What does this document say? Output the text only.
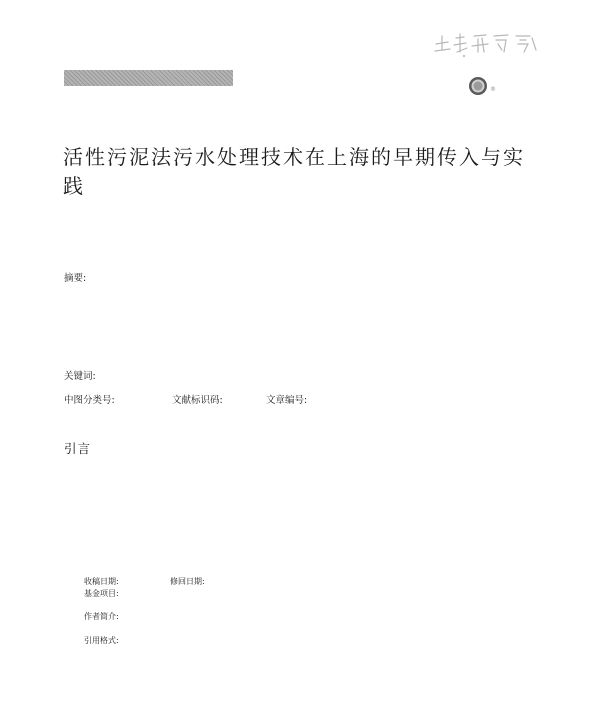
®
活性污泥法污水处理技术在上海的早期传入与实践
摘要:
关键词:
中图分类号:	文献标识码:	文章编号:
引言
收稿日期:	修回日期:
基金项目:
作者简介:
引用格式:
